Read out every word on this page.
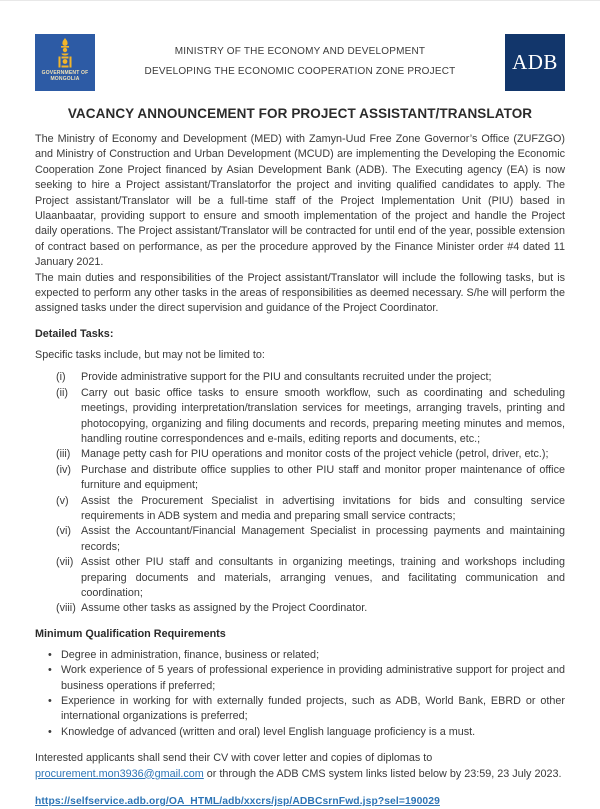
GOVERNMENT OF
MONGOLIA
MINISTRY OF THE ECONOMY AND DEVELOPMENT
DEVELOPING THE ECONOMIC COOPERATION ZONE PROJECT	ADB
VACANCY ANNOUNCEMENT FOR PROJECT ASSISTANT/TRANSLATOR
The Ministry of Economy and Development (MED) with Zamyn-Uud Free Zone Governor’s Office (ZUFZGO) and Ministry of Construction and Urban Development (MCUD) are implementing the Developing the Economic Cooperation Zone Project financed by Asian Development Bank (ADB). The Executing agency (EA) is now seeking to hire a Project assistant/Translatorfor the project and inviting qualified candidates to apply. The Project assistant/Translator will be a full-time staff of the Project Implementation Unit (PIU) based in Ulaanbaatar, providing support to ensure and smooth implementation of the project and handle the Project daily operations. The Project assistant/Translator will be contracted for until end of the year, possible extension of contract based on performance, as per the procedure approved by the Finance Minister order #4 dated 11 January 2021.
The main duties and responsibilities of the Project assistant/Translator will include the following tasks, but is expected to perform any other tasks in the areas of responsibilities as deemed necessary. S/he will perform the assigned tasks under the direct supervision and guidance of the Project Coordinator.
Detailed Tasks:
Specific tasks include, but may not be limited to:
(i)	Provide administrative support for the PIU and consultants recruited under the project;
(ii)	Carry out basic office tasks to ensure smooth workflow, such as coordinating and scheduling meetings, providing interpretation/translation services for meetings, arranging travels, printing and photocopying, organizing and filing documents and records, preparing meeting minutes and memos, handling routine correspondences and e-mails, editing reports and documents, etc.;
(iii) Manage petty cash for PIU operations and monitor costs of the project vehicle (petrol, driver, etc.);
(iv) Purchase and distribute office supplies to other PIU staff and monitor proper maintenance of office furniture and equipment;
(v)	Assist the Procurement Specialist in advertising invitations for bids and consulting service requirements in ADB system and media and preparing small service contracts;
(vi) Assist the Accountant/Financial Management Specialist in processing payments and maintaining records;
(vii) Assist other PIU staff and consultants in organizing meetings, training and workshops including preparing documents and materials, arranging venues, and facilitating communication and coordination;
(viii) Assume other tasks as assigned by the Project Coordinator.
Minimum Qualification Requirements
• Degree in administration, finance, business or related;
• Work experience of 5 years of professional experience in providing administrative support for project and business operations if preferred;
• Experience in working for with externally funded projects, such as ADB, World Bank, EBRD or other international organizations is preferred;
• Knowledge of advanced (written and oral) level English language proficiency is a must.
Interested applicants shall send their CV with cover letter and copies of diplomas to procurement.mon3936@gmail.com or through the ADB CMS system links listed below by 23:59, 23 July 2023.
https://selfservice.adb.org/OA_HTML/adb/xxcrs/jsp/ADBCsrnFwd.jsp?sel=190029
